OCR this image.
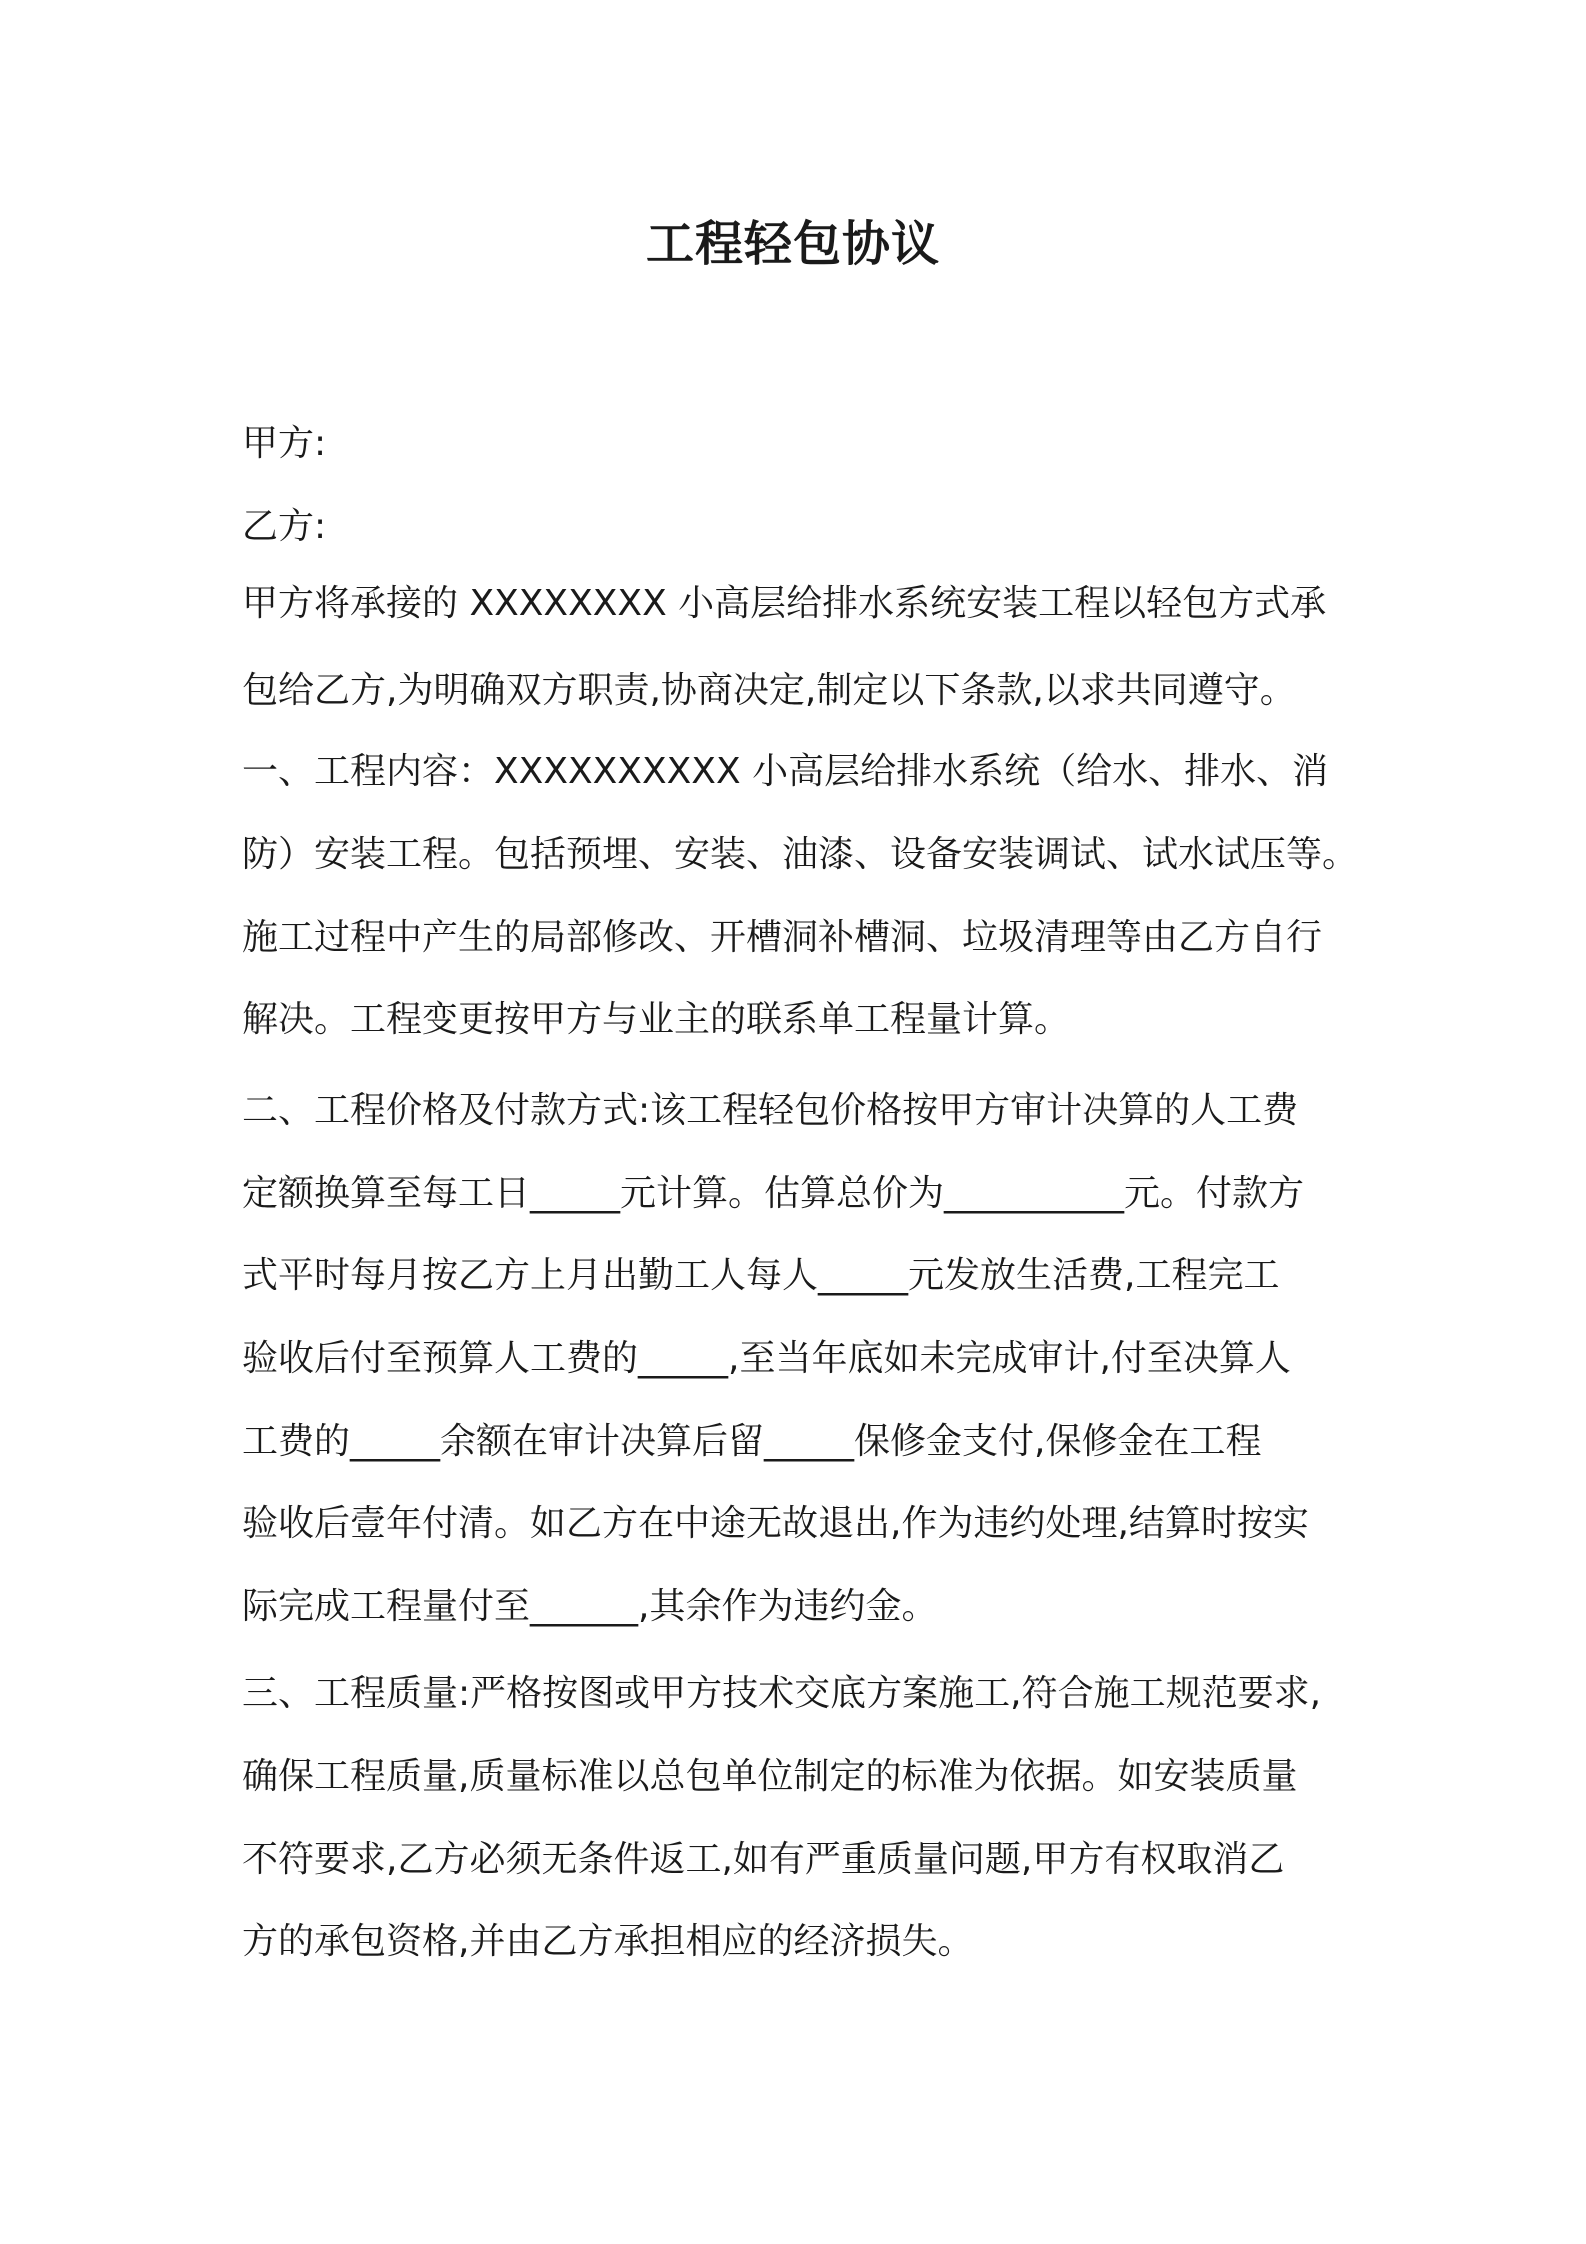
工程轻包协议

甲方:

乙方:

甲方将承接的 XXXXXXXX 小高层给排水系统安装工程以轻包方式承

包给乙方,为明确双方职责,协商决定,制定以下条款,以求共同遵守。

一、工程内容：XXXXXXXXXX 小高层给排水系统（给水、排水、消

防）安装工程。包括预埋、安装、油漆、设备安装调试、试水试压等。

施工过程中产生的局部修改、开槽洞补槽洞、垃圾清理等由乙方自行

解决。工程变更按甲方与业主的联系单工程量计算。

二、工程价格及付款方式:该工程轻包价格按甲方审计决算的人工费

定额换算至每工日_____元计算。估算总价为__________元。付款方

式平时每月按乙方上月出勤工人每人_____元发放生活费,工程完工

验收后付至预算人工费的_____,至当年底如未完成审计,付至决算人

工费的_____余额在审计决算后留_____保修金支付,保修金在工程

验收后壹年付清。如乙方在中途无故退出,作为违约处理,结算时按实

际完成工程量付至______,其余作为违约金。

三、工程质量:严格按图或甲方技术交底方案施工,符合施工规范要求,

确保工程质量,质量标准以总包单位制定的标准为依据。如安装质量

不符要求,乙方必须无条件返工,如有严重质量问题,甲方有权取消乙

方的承包资格,并由乙方承担相应的经济损失。
